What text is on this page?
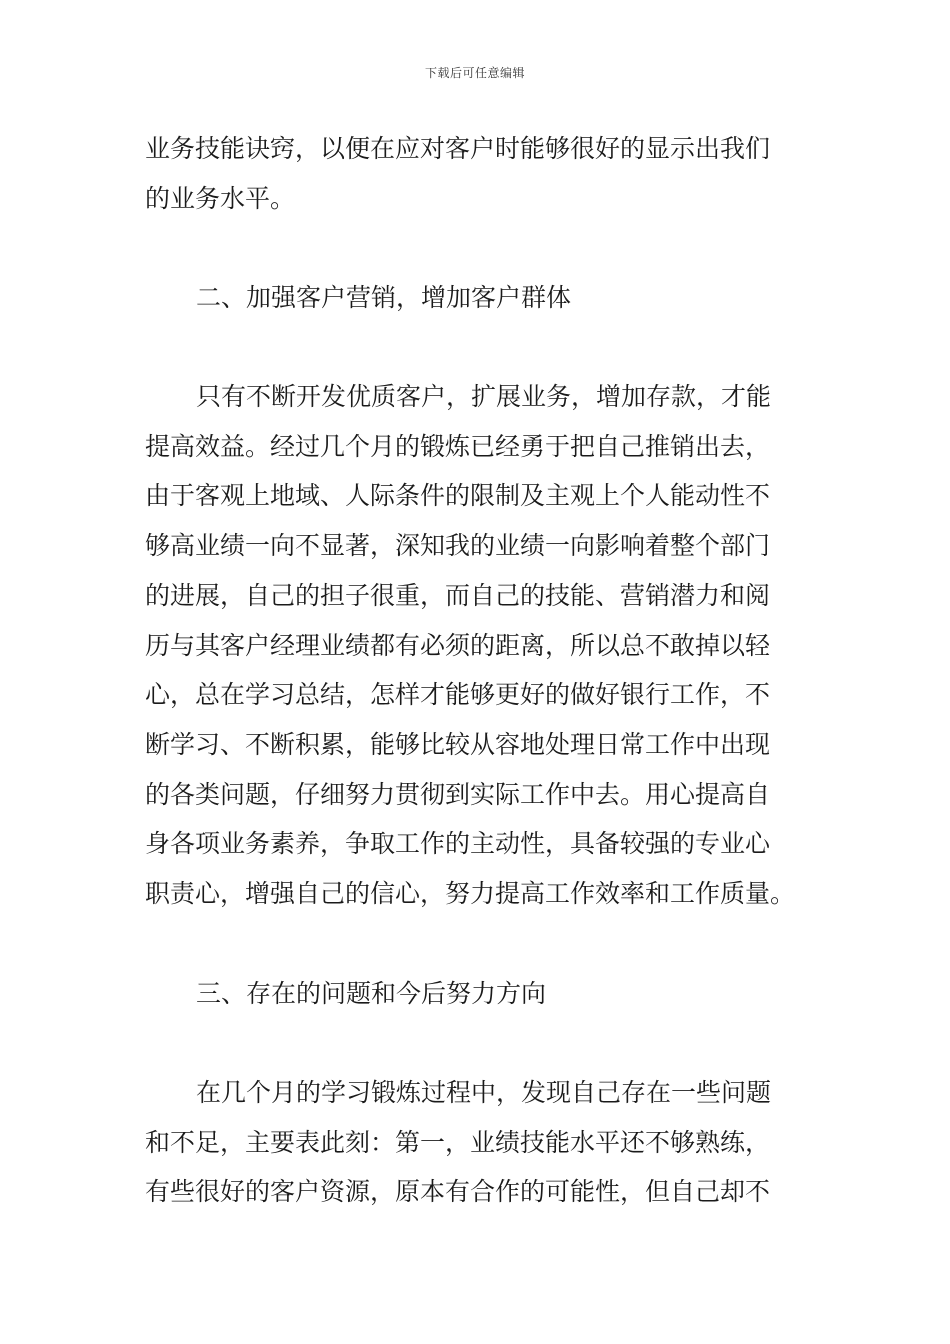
下载后可任意编辑
业务技能诀窍，以便在应对客户时能够很好的显示出我们
的业务水平。
二、加强客户营销，增加客户群体
只有不断开发优质客户，扩展业务，增加存款，才能
提高效益。经过几个月的锻炼已经勇于把自己推销出去，
由于客观上地域、人际条件的限制及主观上个人能动性不
够高业绩一向不显著，深知我的业绩一向影响着整个部门
的进展，自己的担子很重，而自己的技能、营销潜力和阅
历与其客户经理业绩都有必须的距离，所以总不敢掉以轻
心，总在学习总结，怎样才能够更好的做好银行工作，不
断学习、不断积累，能够比较从容地处理日常工作中出现
的各类问题，仔细努力贯彻到实际工作中去。用心提高自
身各项业务素养，争取工作的主动性，具备较强的专业心
职责心，增强自己的信心，努力提高工作效率和工作质量。
三、存在的问题和今后努力方向
在几个月的学习锻炼过程中，发现自己存在一些问题
和不足，主要表此刻：第一，业绩技能水平还不够熟练，
有些很好的客户资源，原本有合作的可能性，但自己却不
